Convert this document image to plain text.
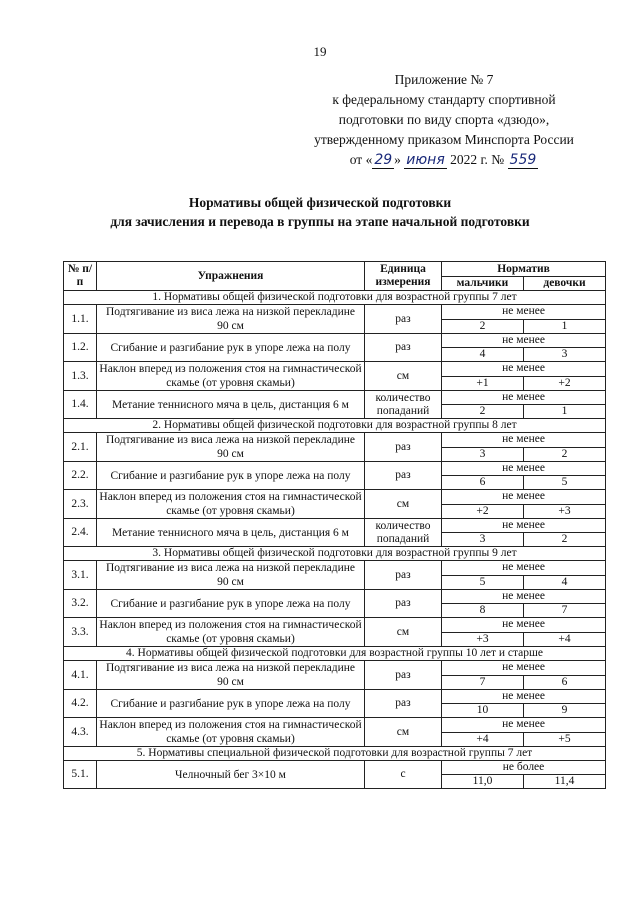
19
Приложение № 7
к федеральному стандарту спортивной
подготовки по виду спорта «дзюдо»,
утвержденному приказом Минспорта России
от « 29 » июня 2022 г. № 559
Нормативы общей физической подготовки
для зачисления и перевода в группы на этапе начальной подготовки
№ п/п	Упражнения	Единица измерения	Норматив	
			мальчики	девочки
1. Нормативы общей физической подготовки для возрастной группы 7 лет				
1.1.	Подтягивание из виса лежа на низкой перекладине 90 см	раз	не менее	
			2	1
1.2.	Сгибание и разгибание рук в упоре лежа на полу	раз	не менее	
			4	3
1.3.	Наклон вперед из положения стоя на гимнастической скамье (от уровня скамьи)	см	не менее	
			+1	+2
1.4.	Метание теннисного мяча в цель, дистанция 6 м	количество попаданий	не менее	
			2	1
2. Нормативы общей физической подготовки для возрастной группы 8 лет				
2.1.	Подтягивание из виса лежа на низкой перекладине 90 см	раз	не менее	
			3	2
2.2.	Сгибание и разгибание рук в упоре лежа на полу	раз	не менее	
			6	5
2.3.	Наклон вперед из положения стоя на гимнастической скамье (от уровня скамьи)	см	не менее	
			+2	+3
2.4.	Метание теннисного мяча в цель, дистанция 6 м	количество попаданий	не менее	
			3	2
3. Нормативы общей физической подготовки для возрастной группы 9 лет				
3.1.	Подтягивание из виса лежа на низкой перекладине 90 см	раз	не менее	
			5	4
3.2.	Сгибание и разгибание рук в упоре лежа на полу	раз	не менее	
			8	7
3.3.	Наклон вперед из положения стоя на гимнастической скамье (от уровня скамьи)	см	не менее	
			+3	+4
4. Нормативы общей физической подготовки для возрастной группы 10 лет и старше				
4.1.	Подтягивание из виса лежа на низкой перекладине 90 см	раз	не менее	
			7	6
4.2.	Сгибание и разгибание рук в упоре лежа на полу	раз	не менее	
			10	9
4.3.	Наклон вперед из положения стоя на гимнастической скамье (от уровня скамьи)	см	не менее	
			+4	+5
5. Нормативы специальной физической подготовки для возрастной группы 7 лет				
5.1.	Челночный бег 3×10 м	с	не более	
			11,0	11,4
